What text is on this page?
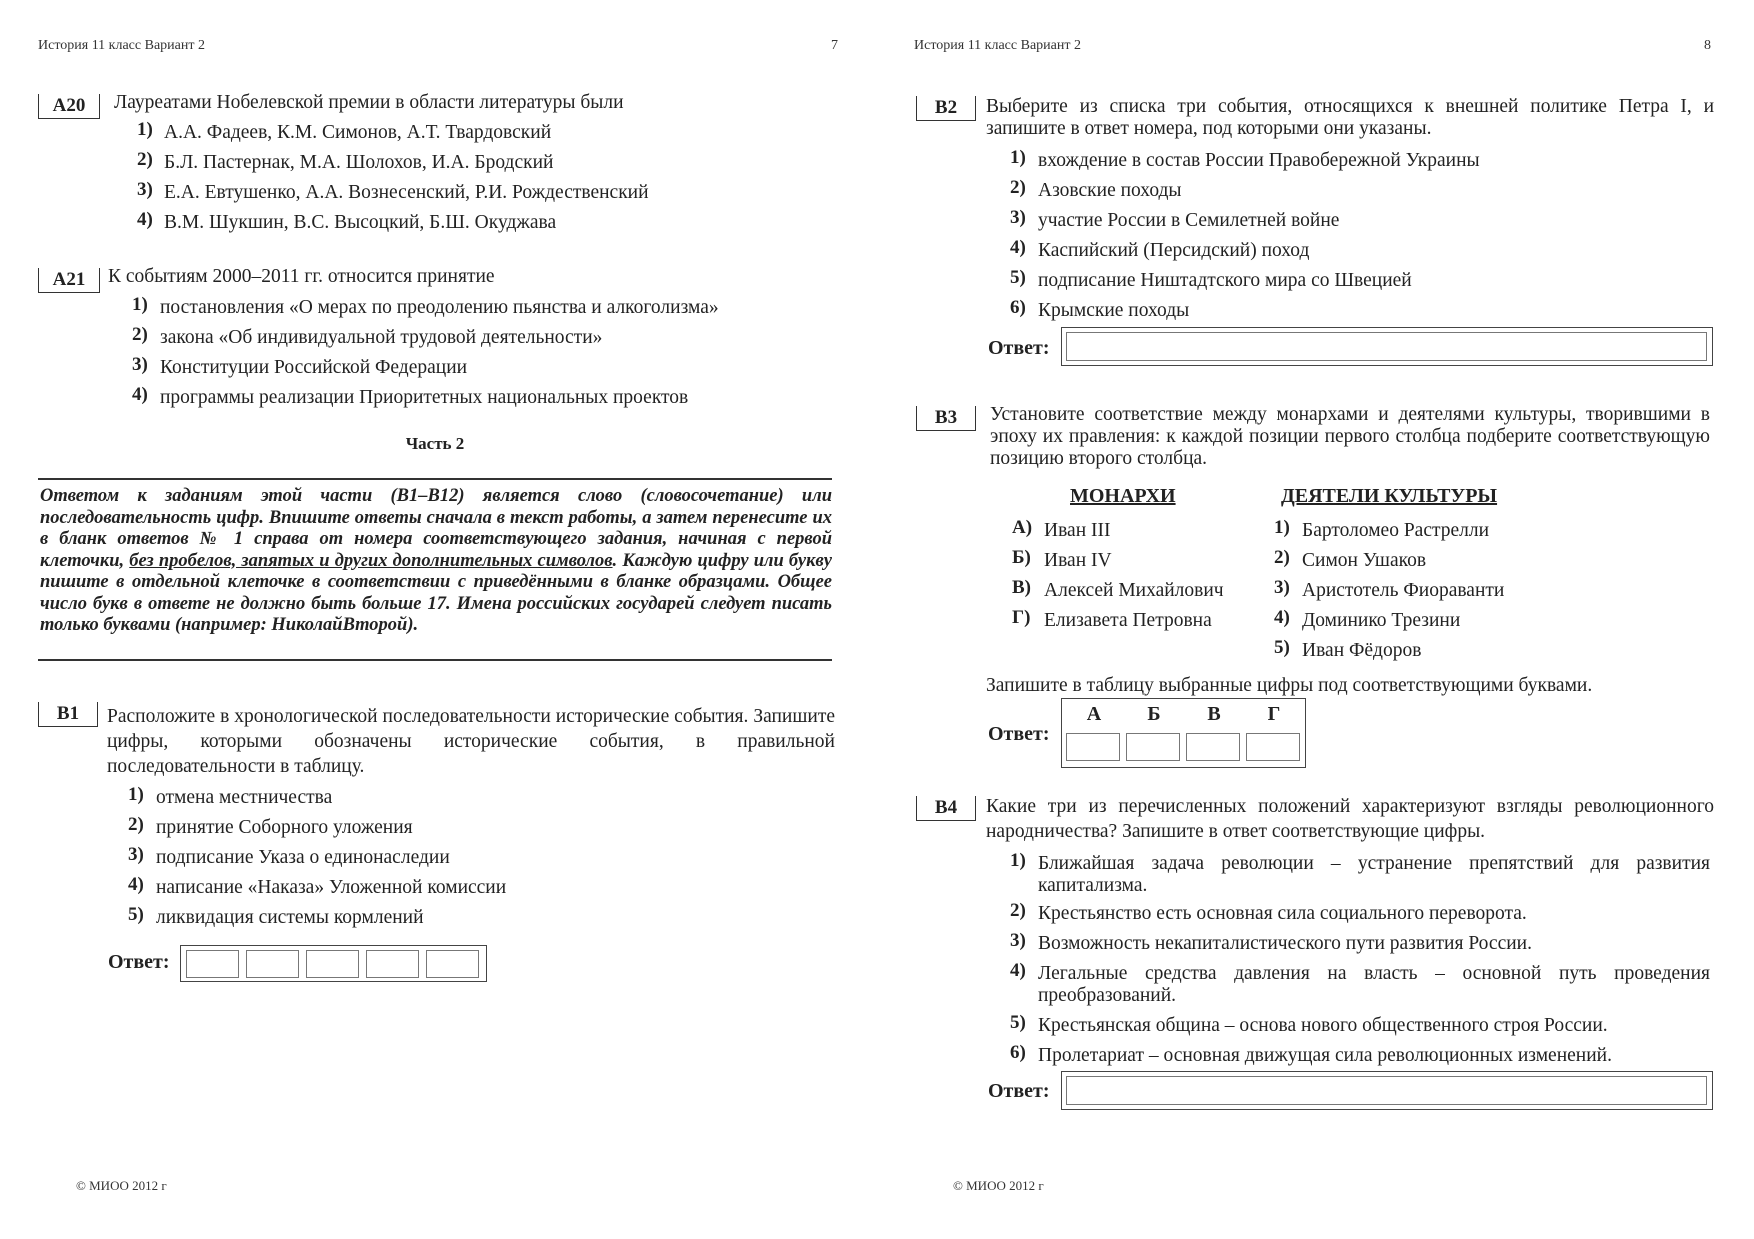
История 11 класс Вариант 2	7
А20	Лауреатами Нобелевской премии в области литературы были
1) А.А. Фадеев, К.М. Симонов, А.Т. Твардовский
2) Б.Л. Пастернак, М.А. Шолохов, И.А. Бродский
3) Е.А. Евтушенко, А.А. Вознесенский, Р.И. Рождественский
4) В.М. Шукшин, В.С. Высоцкий, Б.Ш. Окуджава
А21	К событиям 2000–2011 гг. относится принятие
1) постановления «О мерах по преодолению пьянства и алкоголизма»
2) закона «Об индивидуальной трудовой деятельности»
3) Конституции Российской Федерации
4) программы реализации Приоритетных национальных проектов
Часть 2
Ответом к заданиям этой части (В1–В12) является слово (словосочетание) или последовательность цифр. Впишите ответы сначала в текст работы, а затем перенесите их в бланк ответов № 1 справа от номера соответствующего задания, начиная с первой клеточки, без пробелов, запятых и других дополнительных символов. Каждую цифру или букву пишите в отдельной клеточке в соответствии с приведёнными в бланке образцами. Общее число букв в ответе не должно быть больше 17. Имена российских государей следует писать только буквами (например: НиколайВторой).
В1	Расположите в хронологической последовательности исторические события. Запишите цифры, которыми обозначены исторические события, в правильной последовательности в таблицу.
1) отмена местничества
2) принятие Соборного уложения
3) подписание Указа о единонаследии
4) написание «Наказа» Уложенной комиссии
5) ликвидация системы кормлений
Ответ:
© МИОО 2012 г
История 11 класс Вариант 2	8
В2	Выберите из списка три события, относящихся к внешней политике Петра I, и запишите в ответ номера, под которыми они указаны.
1) вхождение в состав России Правобережной Украины
2) Азовские походы
3) участие России в Семилетней войне
4) Каспийский (Персидский) поход
5) подписание Ништадтского мира со Швецией
6) Крымские походы
Ответ:
В3	Установите соответствие между монархами и деятелями культуры, творившими в эпоху их правления: к каждой позиции первого столбца подберите соответствующую позицию второго столбца.
МОНАРХИ	ДЕЯТЕЛИ КУЛЬТУРЫ
А) Иван III
Б) Иван IV
В) Алексей Михайлович
Г) Елизавета Петровна
1) Бартоломео Растрелли
2) Симон Ушаков
3) Аристотель Фиораванти
4) Доминико Трезини
5) Иван Фёдоров
Запишите в таблицу выбранные цифры под соответствующими буквами.
Ответ:
А	Б	В	Г
В4	Какие три из перечисленных положений характеризуют взгляды революционного народничества? Запишите в ответ соответствующие цифры.
1) Ближайшая задача революции – устранение препятствий для развития капитализма.
2) Крестьянство есть основная сила социального переворота.
3) Возможность некапиталистического пути развития России.
4) Легальные средства давления на власть – основной путь проведения преобразований.
5) Крестьянская община – основа нового общественного строя России.
6) Пролетариат – основная движущая сила революционных изменений.
Ответ:
© МИОО 2012 г
